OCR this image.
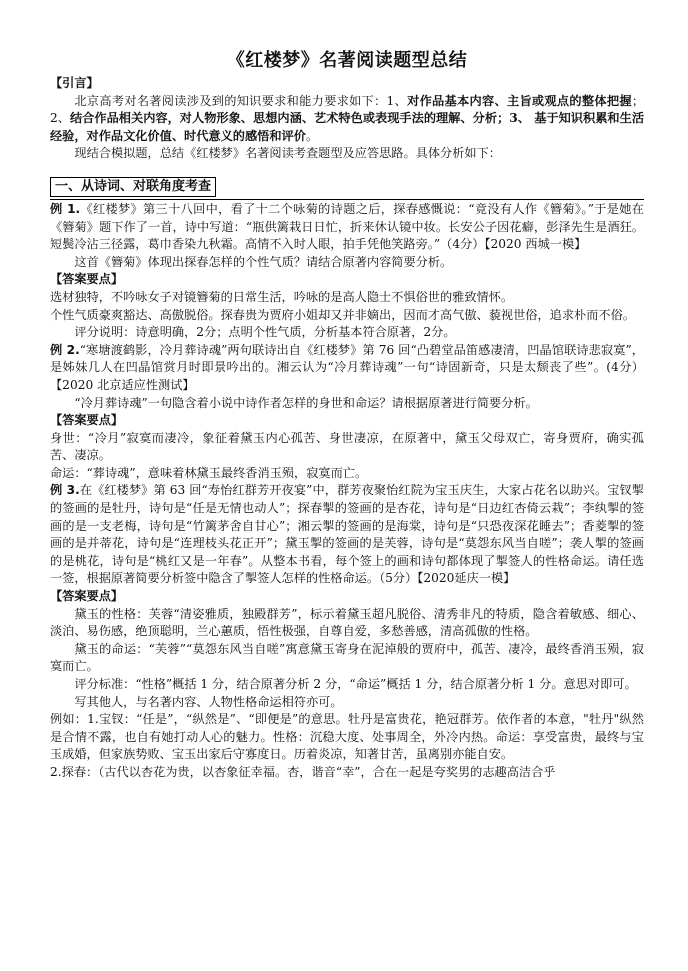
《红楼梦》名著阅读题型总结

【引言】

北京高考对名著阅读涉及到的知识要求和能力要求如下：1、对作品基本内容、主旨或观点的整体把握；2、结合作品相关内容，对人物形象、思想内涵、艺术特色或表现手法的理解、分析；3、 基于知识积累和生活经验，对作品文化价值、时代意义的感悟和评价。

现结合模拟题，总结《红楼梦》名著阅读考查题型及应答思路。具体分析如下：

一、从诗词、对联角度考查

例 1.《红楼梦》第三十八回中，看了十二个咏菊的诗题之后，探春感慨说：“竟没有人作《簪菊》。”于是她在《簪菊》题下作了一首，诗中写道：“瓶供篱栽日日忙，折来休认镜中妆。长安公子因花癖，彭泽先生是酒狂。短鬓冷沾三径露，葛巾香染九秋霜。高情不入时人眼，拍手凭他笑路旁。”（4分）【2020 西城一模】

这首《簪菊》体现出探春怎样的个性气质？请结合原著内容简要分析。

【答案要点】

选材独特，不吟咏女子对镜簪菊的日常生活，吟咏的是高人隐士不惧俗世的雅致情怀。

个性气质豪爽豁达、高傲脱俗。探春贵为贾府小姐却又并非嫡出，因而才高气傲、藐视世俗，追求朴而不俗。

评分说明：诗意明确，2分；点明个性气质，分析基本符合原著，2分。

例 2.“寒塘渡鹤影，冷月葬诗魂”两句联诗出自《红楼梦》第 76 回“凸碧堂品笛感凄清，凹晶馆联诗悲寂寞”，是姊妹几人在凹晶馆赏月时即景吟出的。湘云认为“冷月葬诗魂”一句“诗固新奇，只是太颓丧了些”。(4分）【2020 北京适应性测试】

“冷月葬诗魂”一句隐含着小说中诗作者怎样的身世和命运？请根据原著进行简要分析。

【答案要点】

身世：“冷月”寂寞而凄冷，象征着黛玉内心孤苦、身世凄凉，在原著中，黛玉父母双亡，寄身贾府，确实孤苦、凄凉。

命运：“葬诗魂”，意味着林黛玉最终香消玉殒，寂寞而亡。

例 3.在《红楼梦》第 63 回“寿怡红群芳开夜宴”中，群芳夜聚怡红院为宝玉庆生，大家占花名以助兴。宝钗掣的签画的是牡丹，诗句是“任是无情也动人”；探春掣的签画的是杏花，诗句是“日边红杏倚云栽”；李纨掣的签画的是一支老梅，诗句是“竹篱茅舍自甘心”；湘云掣的签画的是海棠，诗句是“只恐夜深花睡去”；香菱掣的签画的是并蒂花，诗句是“连理枝头花正开”；黛玉掣的签画的是芙蓉，诗句是“莫怨东风当自嗟”；袭人掣的签画的是桃花，诗句是“桃红又是一年春”。从整本书看，每个签上的画和诗句都体现了掣签人的性格命运。请任选一签，根据原著简要分析签中隐含了掣签人怎样的性格命运。（5分）【2020延庆一模】

【答案要点】

黛玉的性格：芙蓉“清姿雅质，独殿群芳”，标示着黛玉超凡脱俗、清秀非凡的特质，隐含着敏感、细心、淡泊、易伤感，绝顶聪明，兰心蕙质，悟性极强，自尊自爱，多愁善感，清高孤傲的性格。

黛玉的命运：“芙蓉”“莫怨东风当自嗟”寓意黛玉寄身在泥淖般的贾府中，孤苦、凄冷，最终香消玉殒，寂寞而亡。

评分标准：“性格”概括 1 分，结合原著分析 2 分，“命运”概括 1 分，结合原著分析 1 分。意思对即可。

写其他人，与名著内容、人物性格命运相符亦可。

例如：1.宝钗：“任是”，“纵然是”、“即便是”的意思。牡丹是富贵花，艳冠群芳。依作者的本意，"牡丹"纵然是合情不露，也自有她打动人心的魅力。性格：沉稳大度、处事周全，外冷内热。命运：享受富贵，最终与宝玉成婚，但家族势败、宝玉出家后守寡度日。历着炎凉，知著甘苦，虽离别亦能自安。

2.探春：（古代以杏花为贵，以杏象征幸福。杏，谐音“幸”，合在一起是夸奖男的志趣高洁合乎
